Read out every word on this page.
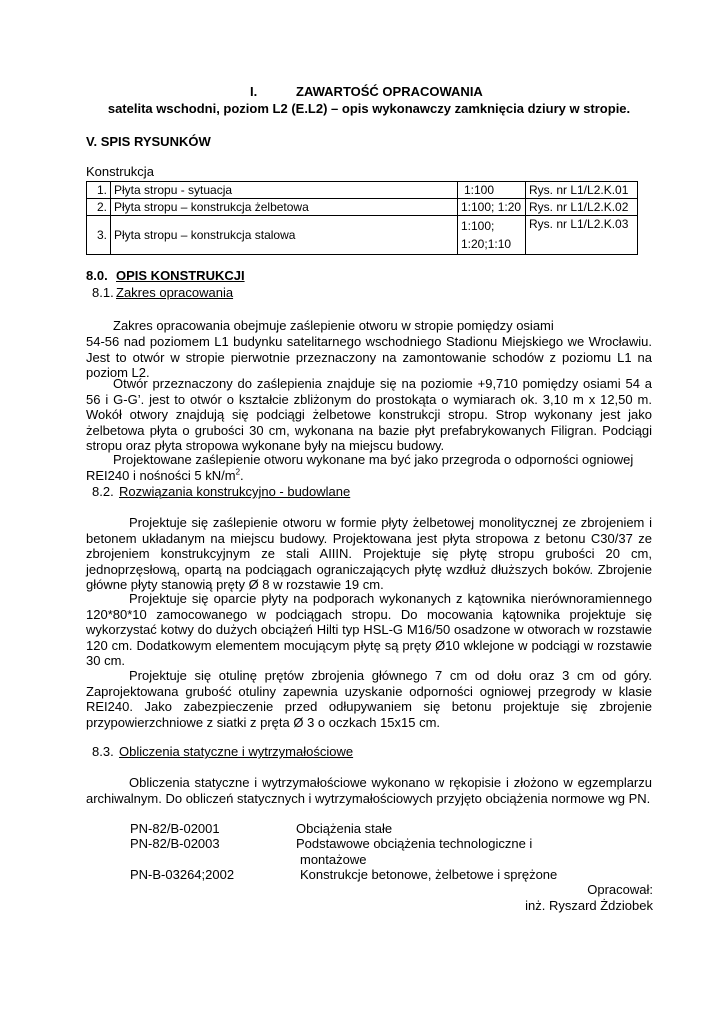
I.	ZAWARTOŚĆ OPRACOWANIA
satelita wschodni, poziom L2 (E.L2) – opis wykonawczy zamknięcia dziury w stropie.
V. SPIS RYSUNKÓW
Konstrukcja
1.	Płyta stropu - sytuacja	1:100	Rys. nr L1/L2.K.01
2.	Płyta stropu – konstrukcja żelbetowa	1:100; 1:20	Rys. nr L1/L2.K.02
3.	Płyta stropu – konstrukcja stalowa	1:100;
1:20;1:10	Rys. nr L1/L2.K.03
8.0. OPIS KONSTRUKCJI
8.1. Zakres opracowania
Zakres opracowania obejmuje zaślepienie otworu w stropie pomiędzy osiami
54-56 nad poziomem L1 budynku satelitarnego wschodniego Stadionu Miejskiego we Wrocławiu. Jest to otwór w stropie pierwotnie przeznaczony na zamontowanie schodów z poziomu L1 na poziom L2.
Otwór przeznaczony do zaślepienia znajduje się na poziomie +9,710 pomiędzy osiami 54 a 56 i G-G’. jest to otwór o kształcie zbliżonym do prostokąta o wymiarach ok. 3,10 m x 12,50 m. Wokół otwory znajdują się podciągi żelbetowe konstrukcji stropu. Strop wykonany jest jako żelbetowa płyta o grubości 30 cm, wykonana na bazie płyt prefabrykowanych Filigran. Podciągi stropu oraz płyta stropowa wykonane były na miejscu budowy.
Projektowane zaślepienie otworu wykonane ma być jako przegroda o odporności ogniowej REI240 i nośności 5 $kN/m^2$.
8.2. Rozwiązania konstrukcyjno - budowlane
Projektuje się zaślepienie otworu w formie płyty żelbetowej monolitycznej ze zbrojeniem i betonem układanym na miejscu budowy. Projektowana jest płyta stropowa z betonu C30/37 ze zbrojeniem konstrukcyjnym ze stali AIIIN. Projektuje się płytę stropu grubości 20 cm, jednoprzęsłową, opartą na podciągach ograniczających płytę wzdłuż dłuższych boków. Zbrojenie główne płyty stanowią pręty Ø 8 w rozstawie 19 cm.
Projektuje się oparcie płyty na podporach wykonanych z kątownika nierównoramiennego 120*80*10 zamocowanego w podciągach stropu. Do mocowania kątownika projektuje się wykorzystać kotwy do dużych obciążeń Hilti typ HSL-G M16/50 osadzone w otworach w rozstawie 120 cm. Dodatkowym elementem mocującym płytę są pręty Ø10 wklejone w podciągi w rozstawie 30 cm.
Projektuje się otulinę prętów zbrojenia głównego 7 cm od dołu oraz 3 cm od góry. Zaprojektowana grubość otuliny zapewnia uzyskanie odporności ogniowej przegrody w klasie REI240. Jako zabezpieczenie przed odłupywaniem się betonu projektuje się zbrojenie przypowierzchniowe z siatki z pręta Ø 3 o oczkach 15x15 cm.
8.3. Obliczenia statyczne i wytrzymałościowe
Obliczenia statyczne i wytrzymałościowe wykonano w rękopisie i złożono w egzemplarzu archiwalnym. Do obliczeń statycznych i wytrzymałościowych przyjęto obciążenia normowe wg PN.
PN-82/B-02001	Obciążenia stałe
PN-82/B-02003	Podstawowe obciążenia technologiczne i
montażowe
PN-B-03264;2002	Konstrukcje betonowe, żelbetowe i sprężone
Opracował:
inż. Ryszard Żdziobek
